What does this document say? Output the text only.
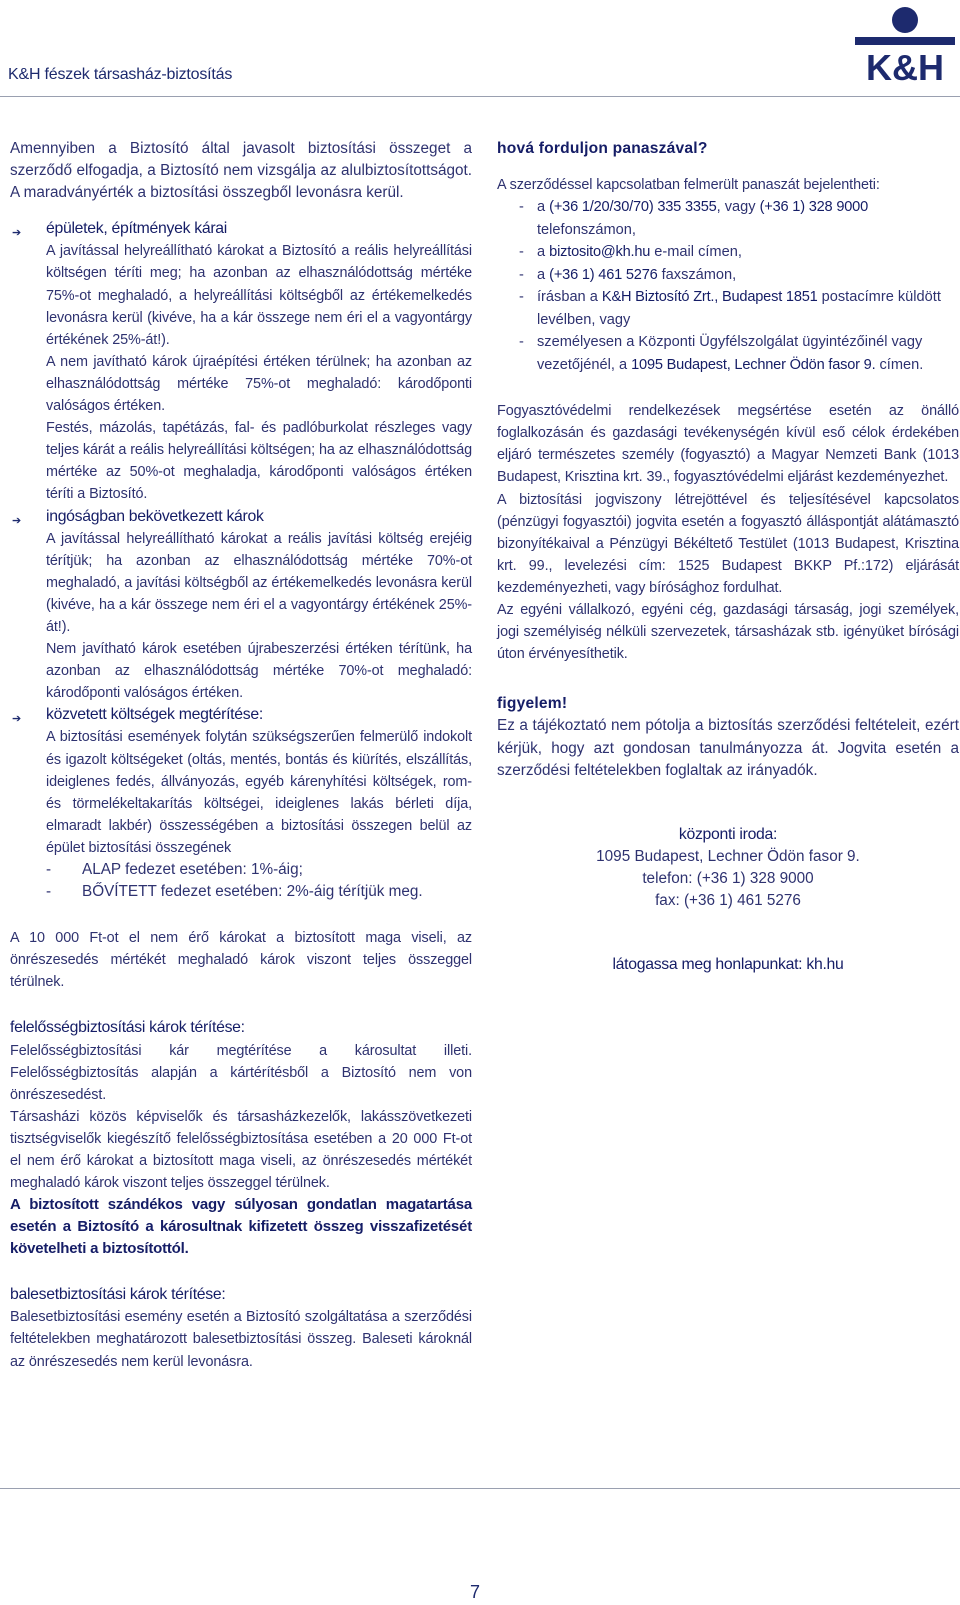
K&H fészek társasház-biztosítás	K&H

Amennyiben a Biztosító által javasolt biztosítási összeget a szerződő elfogadja, a Biztosító nem vizsgálja az alulbiztosítottságot. A maradványérték a biztosítási összegből levonásra kerül.

➔ épületek, építmények kárai

A javítással helyreállítható károkat a Biztosító a reális helyreállítási költségen téríti meg; ha azonban az elhasználódottság mértéke 75%-ot meghaladó, a helyreállítási költségből az értékemelkedés levonásra kerül (kivéve, ha a kár összege nem éri el a vagyontárgy értékének 25%-át!).

A nem javítható károk újraépítési értéken térülnek; ha azonban az elhasználódottság mértéke 75%-ot meghaladó: károdőponti valóságos értéken.

Festés, mázolás, tapétázás, fal- és padlóburkolat részleges vagy teljes kárát a reális helyreállítási költségen; ha az elhasználódottság mértéke az 50%-ot meghaladja, károdőponti valóságos értéken téríti a Biztosító.

➔ ingóságban bekövetkezett károk

A javítással helyreállítható károkat a reális javítási költség erejéig térítjük; ha azonban az elhasználódottság mértéke 70%-ot meghaladó, a javítási költségből az értékemelkedés levonásra kerül (kivéve, ha a kár összege nem éri el a vagyontárgy értékének 25%-át!).

Nem javítható károk esetében újrabeszerzési értéken térítünk, ha azonban az elhasználódottság mértéke 70%-ot meghaladó: károdőponti valóságos értéken.

➔ közvetett költségek megtérítése:

A biztosítási események folytán szükségszerűen felmerülő indokolt és igazolt költségeket (oltás, mentés, bontás és kiürítés, elszállítás, ideiglenes fedés, állványozás, egyéb kárenyhítési költségek, rom- és törmelékeltakarítás költségei, ideiglenes lakás bérleti díja, elmaradt lakbér) összességében a biztosítási összegen belül az épület biztosítási összegének

- ALAP fedezet esetében: 1%-áig;
- BŐVÍTETT fedezet esetében: 2%-áig térítjük meg.

A 10 000 Ft-ot el nem érő károkat a biztosított maga viseli, az önrészesedés mértékét meghaladó károk viszont teljes összeggel térülnek.

felelősségbiztosítási károk térítése:

Felelősségbiztosítási kár megtérítése a károsultat illeti. Felelősségbiztosítás alapján a kártérítésből a Biztosító nem von önrészesedést.

Társasházi közös képviselők és társasházkezelők, lakásszövetkezeti tisztségviselők kiegészítő felelősségbiztosítása esetében a 20 000 Ft-ot el nem érő károkat a biztosított maga viseli, az önrészesedés mértékét meghaladó károk viszont teljes összeggel térülnek.

A biztosított szándékos vagy súlyosan gondatlan magatartása esetén a Biztosító a károsultnak kifizetett összeg visszafizetését követelheti a biztosítottól.

balesetbiztosítási károk térítése:

Balesetbiztosítási esemény esetén a Biztosító szolgáltatása a szerződési feltételekben meghatározott balesetbiztosítási összeg. Baleseti károknál az önrészesedés nem kerül levonásra.

hová forduljon panaszával?

A szerződéssel kapcsolatban felmerült panaszát bejelentheti:

- a (+36 1/20/30/70) 335 3355, vagy (+36 1) 328 9000 telefonszámon,
- a biztosito@kh.hu e-mail címen,
- a (+36 1) 461 5276 faxszámon,
- írásban a K&H Biztosító Zrt., Budapest 1851 postacímre küldött levélben, vagy
- személyesen a Központi Ügyfélszolgálat ügyintézőinél vagy vezetőjénél, a 1095 Budapest, Lechner Ödön fasor 9. címen.

Fogyasztóvédelmi rendelkezések megsértése esetén az önálló foglalkozásán és gazdasági tevékenységén kívül eső célok érdekében eljáró természetes személy (fogyasztó) a Magyar Nemzeti Bank (1013 Budapest, Krisztina krt. 39., fogyasztóvédelmi eljárást kezdeményezhet.

A biztosítási jogviszony létrejöttével és teljesítésével kapcsolatos (pénzügyi fogyasztói) jogvita esetén a fogyasztó álláspontját alátámasztó bizonyítékaival a Pénzügyi Békéltető Testület (1013 Budapest, Krisztina krt. 99., levelezési cím: 1525 Budapest BKKP Pf.:172) eljárását kezdeményezheti, vagy bírósághoz fordulhat.

Az egyéni vállalkozó, egyéni cég, gazdasági társaság, jogi személyek, jogi személyiség nélküli szervezetek, társasházak stb. igényüket bírósági úton érvényesíthetik.

figyelem!

Ez a tájékoztató nem pótolja a biztosítás szerződési feltételeit, ezért kérjük, hogy azt gondosan tanulmányozza át. Jogvita esetén a szerződési feltételekben foglaltak az irányadók.

központi iroda:
1095 Budapest, Lechner Ödön fasor 9.
telefon: (+36 1) 328 9000
fax: (+36 1) 461 5276
látogassa meg honlapunkat: kh.hu
7
